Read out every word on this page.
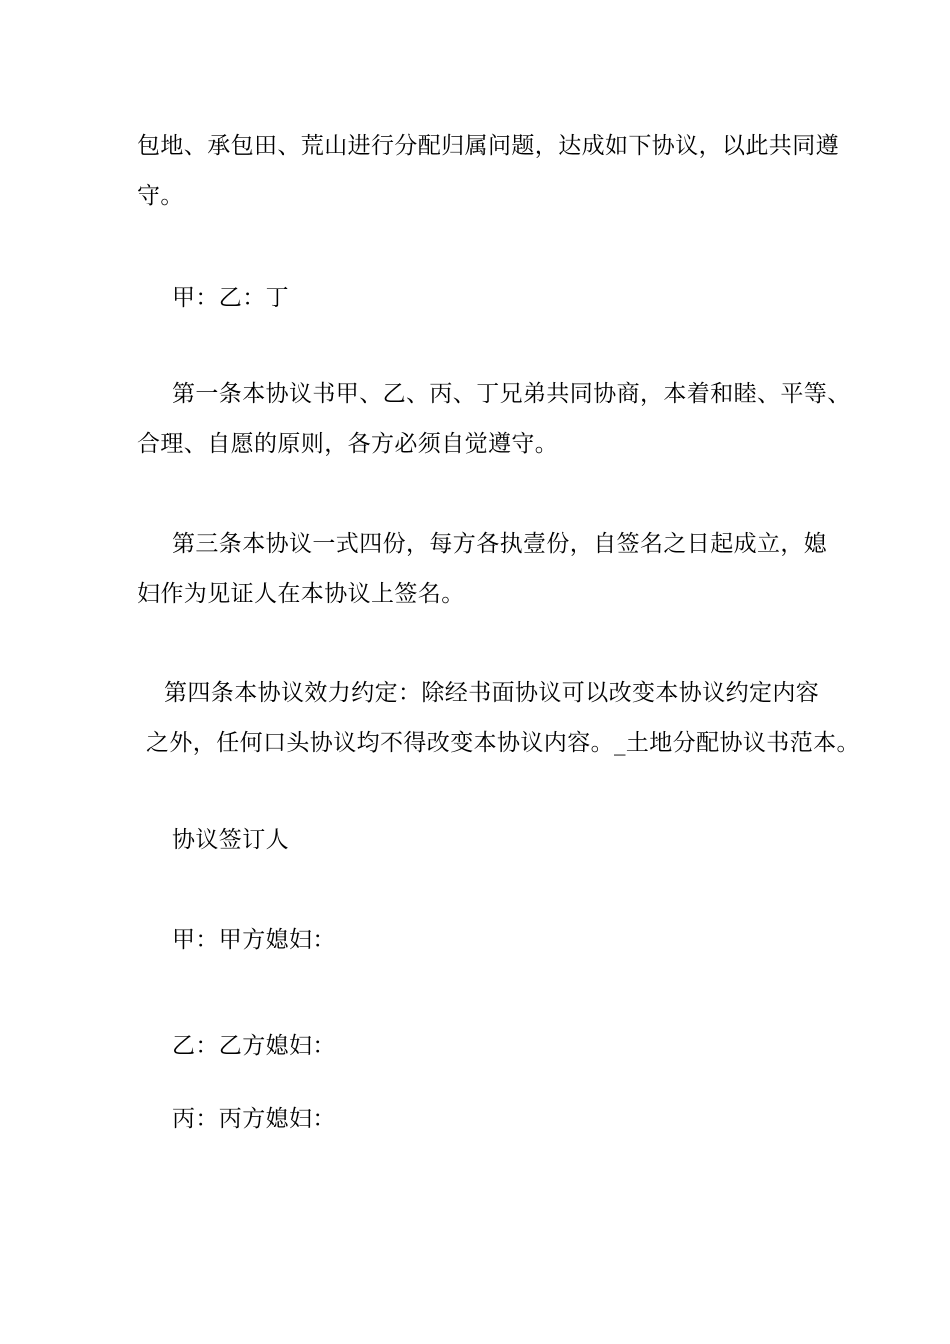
包地、承包田、荒山进行分配归属问题，达成如下协议，以此共同遵
守。
甲：乙：丁
第一条本协议书甲、乙、丙、丁兄弟共同协商，本着和睦、平等、
合理、自愿的原则，各方必须自觉遵守。
第三条本协议一式四份，每方各执壹份，自签名之日起成立，媳
妇作为见证人在本协议上签名。
第四条本协议效力约定：除经书面协议可以改变本协议约定内容
之外，任何口头协议均不得改变本协议内容。_土地分配协议书范本。
协议签订人
甲：甲方媳妇：
乙：乙方媳妇：
丙：丙方媳妇：
